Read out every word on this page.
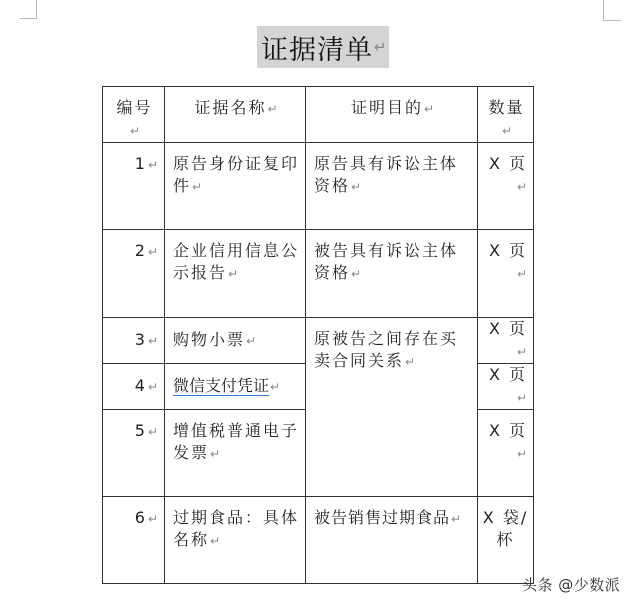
证据清单 ↵
编号↵	证据名称↵	证明目的↵	数量↵
1↵	原告身份证复印件↵	原告具有诉讼主体资格↵	X 页↵
2↵	企业信用信息公示报告↵	被告具有诉讼主体资格↵	X 页↵
3↵	购物小票↵	原被告之间存在买卖合同关系↵	X 页↵
4↵	微信支付凭证↵		X 页↵
5↵	增值税普通电子发票↵		X 页↵
6↵	过期食品：具体名称↵	被告销售过期食品↵	X 袋/杯
头条 @少数派
